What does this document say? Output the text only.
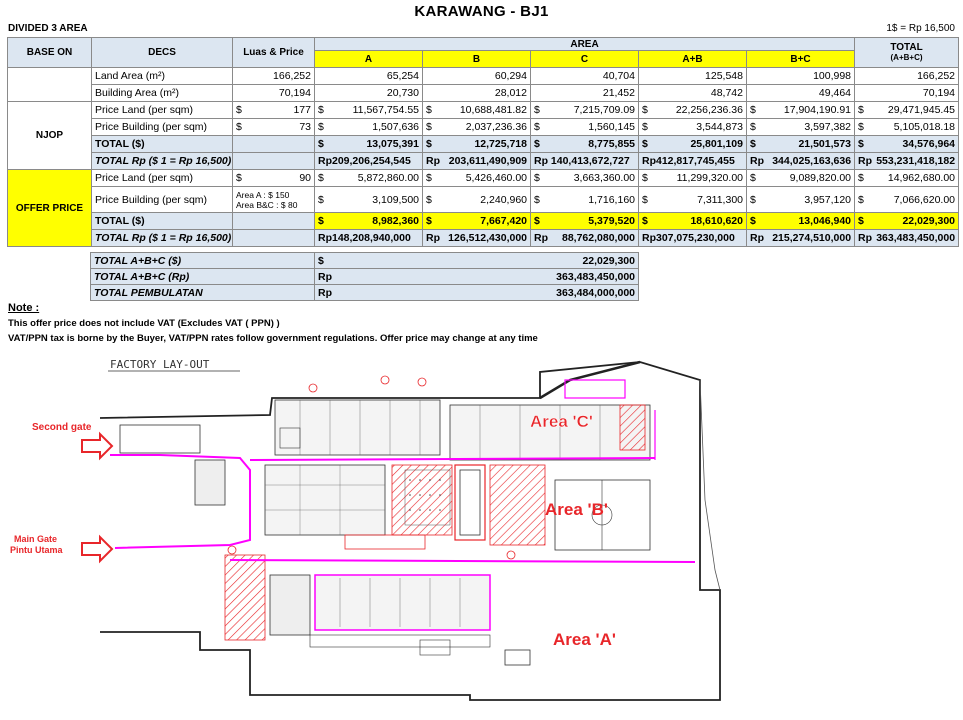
KARAWANG - BJ1
DIVIDED 3 AREA	1$ = Rp 16,500
BASE ON	DECS	Luas & Price	AREA					TOTAL
(A+B+C)
			A	B	C	A+B	B+C	
	Land Area (m²)	166,252	65,254	60,294	40,704	125,548	100,998	166,252
	Building Area (m²)	70,194	20,730	28,012	21,452	48,742	49,464	70,194
NJOP	Price Land (per sqm)	$ 177	$ 11,567,754.55	$ 10,688,481.82	$ 7,215,709.09	$ 22,256,236.36	$ 17,904,190.91	$ 29,471,945.45

	Price Building (per sqm)	$ 73	$ 1,507,636	$ 2,037,236.36	$ 1,560,145	$ 3,544,873	$ 3,597,382	$ 5,105,018.18

	TOTAL ($)		$ 13,075,391	$ 12,725,718	$ 8,775,855	$ 25,801,109	$ 21,501,573	$ 34,576,964

	TOTAL Rp ($ 1 = Rp 16,500)		Rp209,206,254,545	Rp 203,611,490,909	Rp 140,413,672,727	Rp412,817,745,455	Rp 344,025,163,636	Rp 553,231,418,182

OFFER PRICE	Price Land (per sqm)	$ 90	$ 5,872,860.00	$ 5,426,460.00	$ 3,663,360.00	$ 11,299,320.00	$ 9,089,820.00	$ 14,962,680.00

	Price Building (per sqm)	Area A : $ 150
Area B&C : $ 80	$ 3,109,500	$ 2,240,960	$ 1,716,160	$ 7,311,300	$ 3,957,120	$ 7,066,620.00

	TOTAL ($)		$ 8,982,360	$ 7,667,420	$ 5,379,520	$ 18,610,620	$ 13,046,940	$ 22,029,300

	TOTAL Rp ($ 1 = Rp 16,500)		Rp148,208,940,000	Rp 126,512,430,000	Rp 88,762,080,000	Rp307,075,230,000	Rp 215,274,510,000	Rp 363,483,450,000
TOTAL A+B+C ($)	$ 22,029,300

TOTAL A+B+C (Rp)	Rp 363,483,450,000

TOTAL PEMBULATAN	Rp 363,484,000,000
Note :
This offer price does not include VAT (Excludes VAT ( PPN) )
VAT/PPN tax is borne by the Buyer, VAT/PPN rates follow government regulations. Offer price may change at any time
FACTORY LAY-OUT
Second gate
Main Gate
Pintu Utama
Area 'C'
Area 'B'
Area 'A'
